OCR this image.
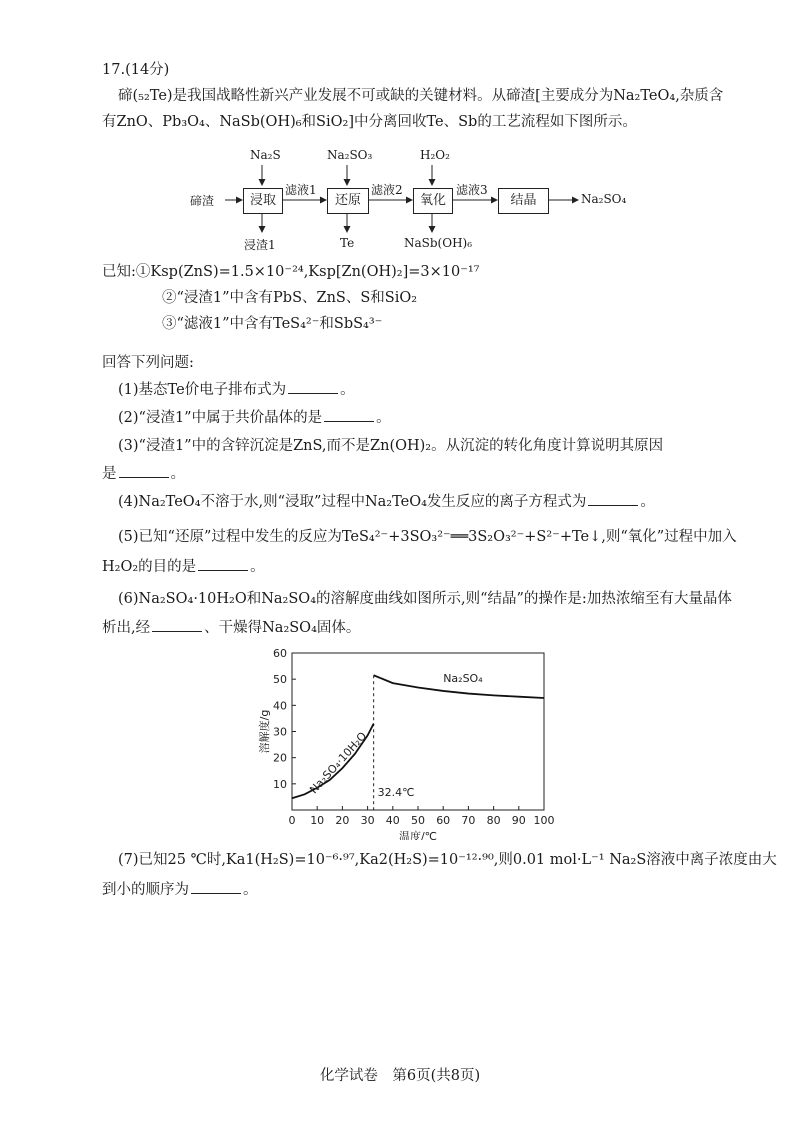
17.(14分)
碲(₅₂Te)是我国战略性新兴产业发展不可或缺的关键材料。从碲渣[主要成分为Na₂TeO₄,杂质含
有ZnO、Pb₃O₄、NaSb(OH)₆和SiO₂]中分离回收Te、Sb的工艺流程如下图所示。
碲渣	浸取	还原	氧化	结晶
Na₂S	Na₂SO₃	H₂O₂
滤液1	滤液2	滤液3
浸渣1	Te	NaSb(OH)₆
Na₂SO₄
已知:①Ksp(ZnS)=1.5×10⁻²⁴,Ksp[Zn(OH)₂]=3×10⁻¹⁷
②“浸渣1”中含有PbS、ZnS、S和SiO₂
③“滤液1”中含有TeS₄²⁻和SbS₄³⁻
回答下列问题:
(1)基态Te价电子排布式为	。
(2)“浸渣1”中属于共价晶体的是	。
(3)“浸渣1”中的含锌沉淀是ZnS,而不是Zn(OH)₂。从沉淀的转化角度计算说明其原因
是	。
(4)Na₂TeO₄不溶于水,则“浸取”过程中Na₂TeO₄发生反应的离子方程式为	。
(5)已知“还原”过程中发生的反应为TeS₄²⁻+3SO₃²⁻══3S₂O₃²⁻+S²⁻+Te↓,则“氧化”过程中加入
H₂O₂的目的是	。
(6)Na₂SO₄·10H₂O和Na₂SO₄的溶解度曲线如图所示,则“结晶”的操作是:加热浓缩至有大量晶体
析出,经	、干燥得Na₂SO₄固体。
0 10 20 30 40 50 60 70 80 90 100
10
20
30
40
50
60
温度/℃
溶解度/g
32.4℃
Na₂SO₄·10H₂O
Na₂SO₄
(7)已知25 ℃时,Ka1(H₂S)=10⁻⁶·⁹⁷,Ka2(H₂S)=10⁻¹²·⁹⁰,则0.01 mol·L⁻¹ Na₂S溶液中离子浓度由大
到小的顺序为	。
化学试卷　第6页(共8页)
